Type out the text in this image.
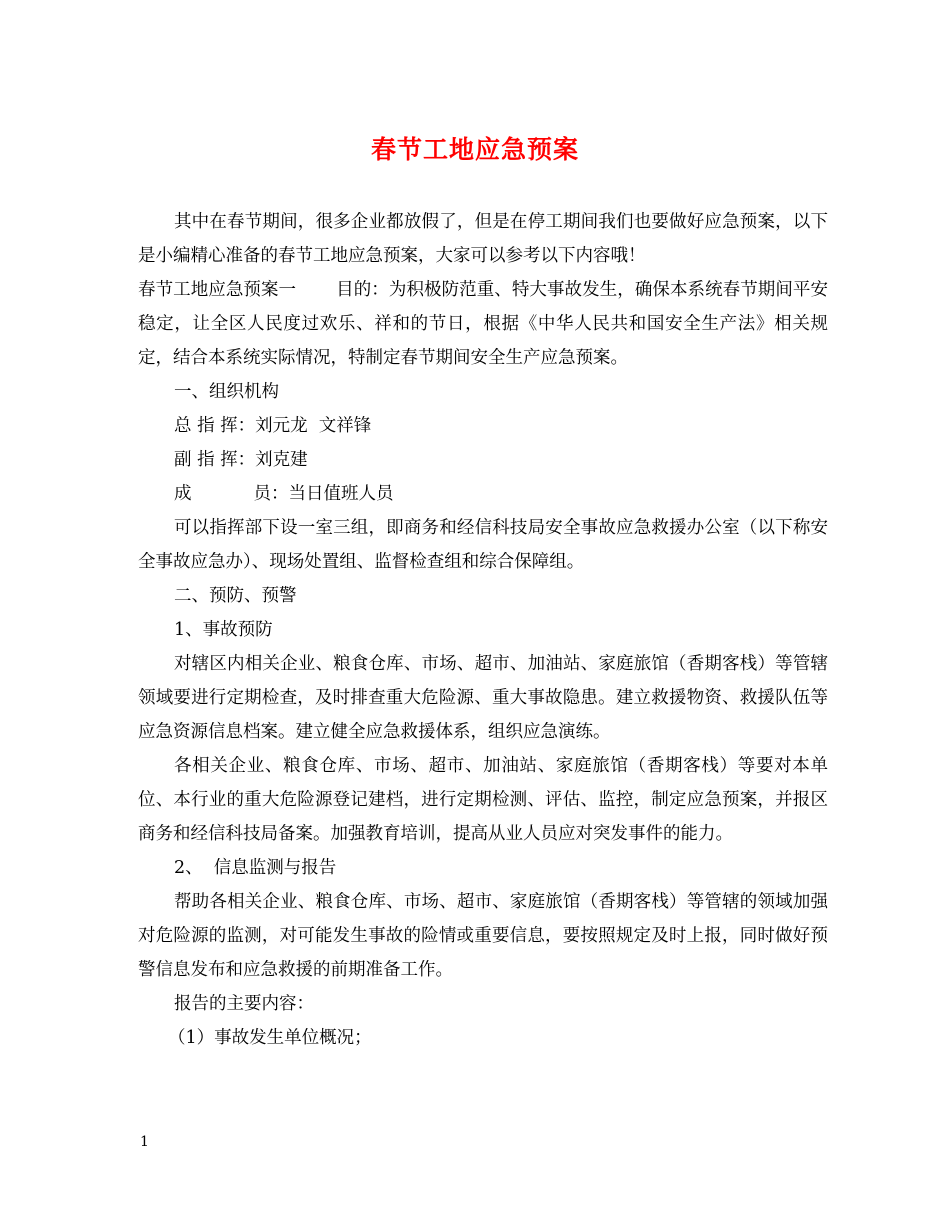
春节工地应急预案

其中在春节期间，很多企业都放假了，但是在停工期间我们也要做好应急预案，以下是小编精心准备的春节工地应急预案，大家可以参考以下内容哦！

春节工地应急预案一 目的：为积极防范重、特大事故发生，确保本系统春节期间平安稳定，让全区人民度过欢乐、祥和的节日，根据《中华人民共和国安全生产法》相关规定，结合本系统实际情况，特制定春节期间安全生产应急预案。

一、组织机构

总 指 挥：刘元龙  文祥锋

副 指 挥：刘克建

成	员：当日值班人员

可以指挥部下设一室三组，即商务和经信科技局安全事故应急救援办公室（以下称安全事故应急办）、现场处置组、监督检查组和综合保障组。

二、预防、预警

1、事故预防

对辖区内相关企业、粮食仓库、市场、超市、加油站、家庭旅馆（香期客栈）等管辖领域要进行定期检查，及时排查重大危险源、重大事故隐患。建立救援物资、救援队伍等应急资源信息档案。建立健全应急救援体系，组织应急演练。

各相关企业、粮食仓库、市场、超市、加油站、家庭旅馆（香期客栈）等要对本单位、本行业的重大危险源登记建档，进行定期检测、评估、监控，制定应急预案，并报区商务和经信科技局备案。加强教育培训，提高从业人员应对突发事件的能力。

2、  信息监测与报告

帮助各相关企业、粮食仓库、市场、超市、家庭旅馆（香期客栈）等管辖的领域加强对危险源的监测，对可能发生事故的险情或重要信息，要按照规定及时上报，同时做好预警信息发布和应急救援的前期准备工作。

报告的主要内容：

（1）事故发生单位概况；

1
